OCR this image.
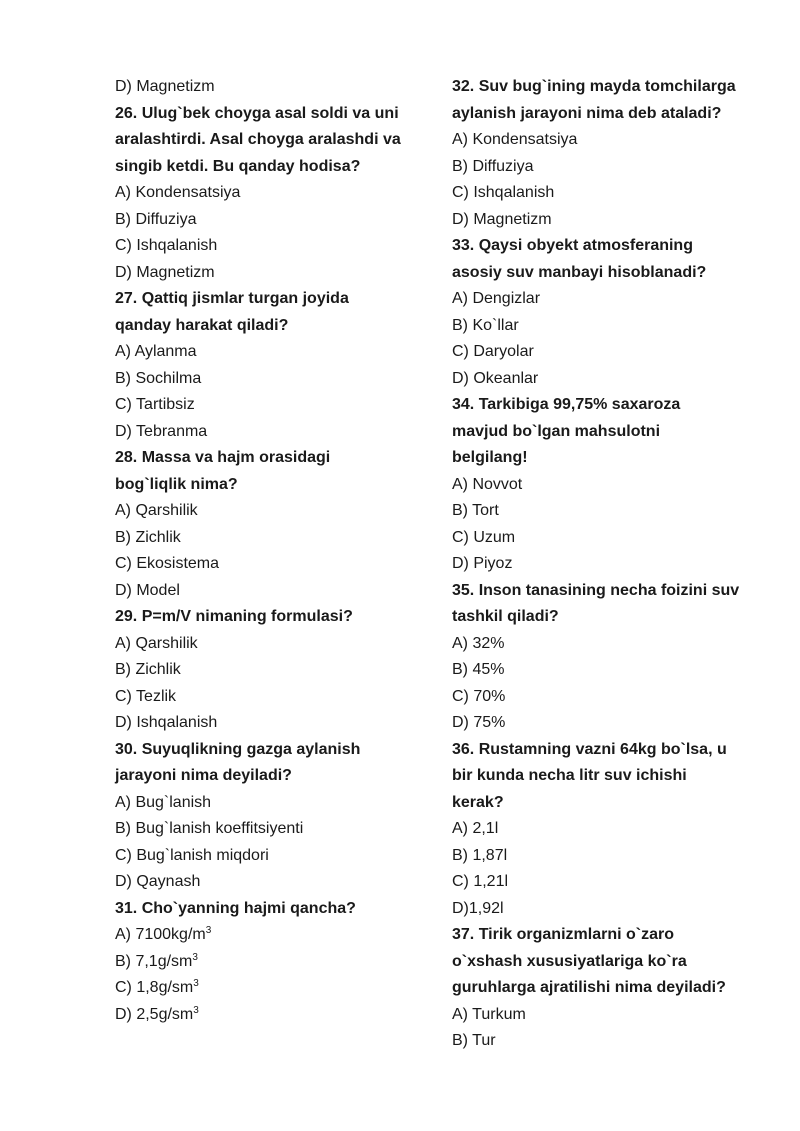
D) Magnetizm
26. Ulug`bek choyga asal soldi va uni
aralashtirdi. Asal choyga aralashdi va
singib ketdi. Bu qanday hodisa?
A) Kondensatsiya
B) Diffuziya
C) Ishqalanish
D) Magnetizm
27. Qattiq jismlar turgan joyida
qanday harakat qiladi?
A) Aylanma
B) Sochilma
C) Tartibsiz
D) Tebranma
28. Massa va hajm orasidagi
bog`liqlik nima?
A) Qarshilik
B) Zichlik
C) Ekosistema
D) Model
29. P=m/V nimaning formulasi?
A) Qarshilik
B) Zichlik
C) Tezlik
D) Ishqalanish
30. Suyuqlikning gazga aylanish
jarayoni nima deyiladi?
A) Bug`lanish
B) Bug`lanish koeffitsiyenti
C) Bug`lanish miqdori
D) Qaynash
31. Cho`yanning hajmi qancha?
A) $7100kg/m^3$
B) $7,1g/sm^3$
C) $1,8g/sm^3$
D) $2,5g/sm^3$
32. Suv bug`ining mayda tomchilarga
aylanish jarayoni nima deb ataladi?
A) Kondensatsiya
B) Diffuziya
C) Ishqalanish
D) Magnetizm
33. Qaysi obyekt atmosferaning
asosiy suv manbayi hisoblanadi?
A) Dengizlar
B) Ko`llar
C) Daryolar
D) Okeanlar
34. Tarkibiga 99,75% saxaroza
mavjud bo`lgan mahsulotni
belgilang!
A) Novvot
B) Tort
C) Uzum
D) Piyoz
35. Inson tanasining necha foizini suv
tashkil qiladi?
A) 32%
B) 45%
C) 70%
D) 75%
36. Rustamning vazni 64kg bo`lsa, u
bir kunda necha litr suv ichishi
kerak?
A) 2,1l
B) 1,87l
C) 1,21l
D)1,92l
37. Tirik organizmlarni o`zaro
o`xshash xususiyatlariga ko`ra
guruhlarga ajratilishi nima deyiladi?
A) Turkum
B) Tur
